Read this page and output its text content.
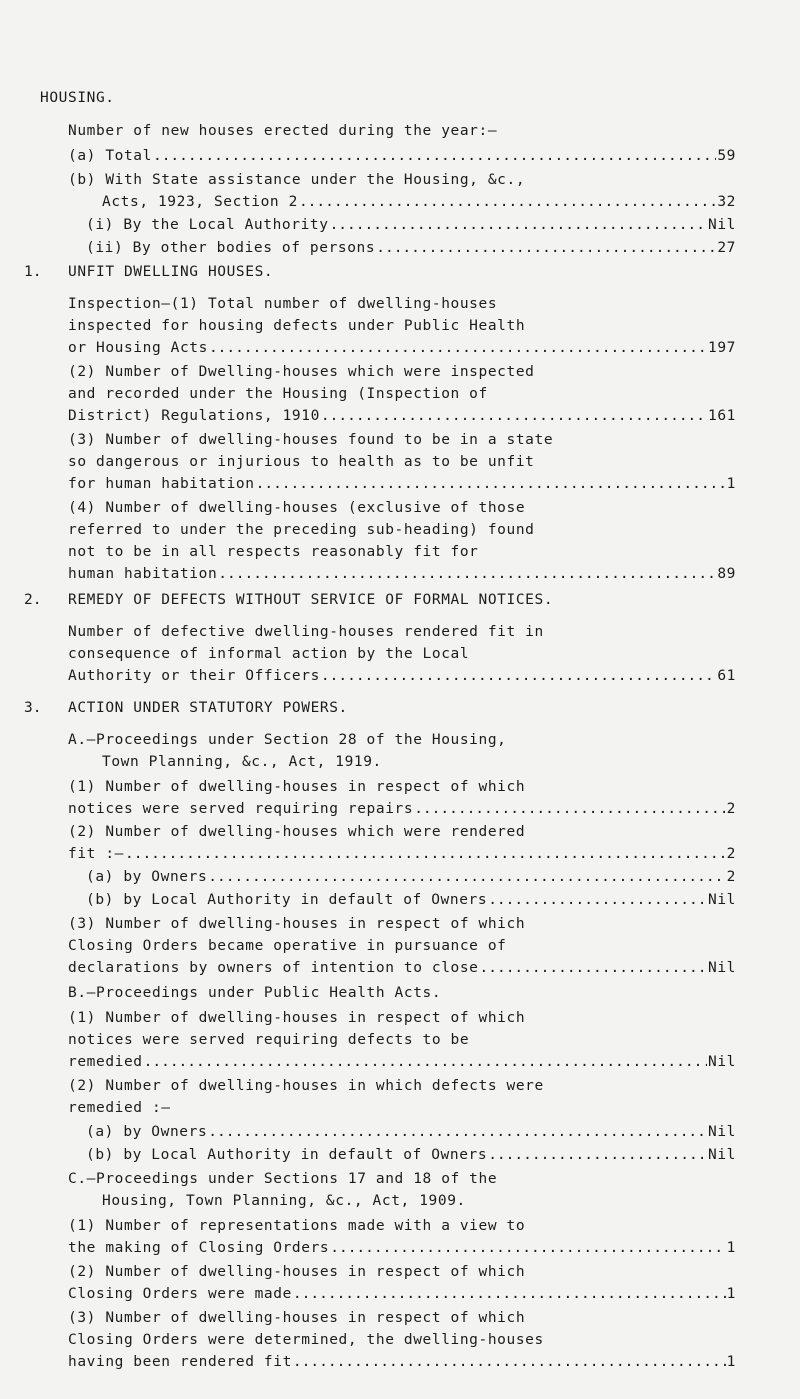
HOUSING.
Number of new houses erected during the year:—
(a) Total .....	59
(b) With State assistance under the Housing, &c.,
Acts, 1923, Section 2 .....	32
(i) By the Local Authority .....	Nil
(ii) By other bodies of persons .....	27
1. UNFIT DWELLING HOUSES.
Inspection—(1) Total number of dwelling-houses
inspected for housing defects under Public Health
or Housing Acts .....	197
(2) Number of Dwelling-houses which were inspected
and recorded under the Housing (Inspection of
District) Regulations, 1910 .....	161
(3) Number of dwelling-houses found to be in a state
so dangerous or injurious to health as to be unfit
for human habitation .....	1
(4) Number of dwelling-houses (exclusive of those
referred to under the preceding sub-heading) found
not to be in all respects reasonably fit for
human habitation .....	89
2. REMEDY OF DEFECTS WITHOUT SERVICE OF FORMAL NOTICES.
Number of defective dwelling-houses rendered fit in
consequence of informal action by the Local
Authority or their Officers .....	61
3. ACTION UNDER STATUTORY POWERS.
A.—Proceedings under Section 28 of the Housing,
Town Planning, &c., Act, 1919.
(1) Number of dwelling-houses in respect of which
notices were served requiring repairs .....	2
(2) Number of dwelling-houses which were rendered
fit :— .....	2
(a) by Owners .....	2
(b) by Local Authority in default of Owners .....	Nil
(3) Number of dwelling-houses in respect of which
Closing Orders became operative in pursuance of
declarations by owners of intention to close .....	Nil
B.—Proceedings under Public Health Acts.
(1) Number of dwelling-houses in respect of which
notices were served requiring defects to be
remedied .....	Nil
(2) Number of dwelling-houses in which defects were
remedied :—
(a) by Owners .....	Nil
(b) by Local Authority in default of Owners .....	Nil
C.—Proceedings under Sections 17 and 18 of the
Housing, Town Planning, &c., Act, 1909.
(1) Number of representations made with a view to
the making of Closing Orders .....	1
(2) Number of dwelling-houses in respect of which
Closing Orders were made .....	1
(3) Number of dwelling-houses in respect of which
Closing Orders were determined, the dwelling-houses
having been rendered fit .....	1
